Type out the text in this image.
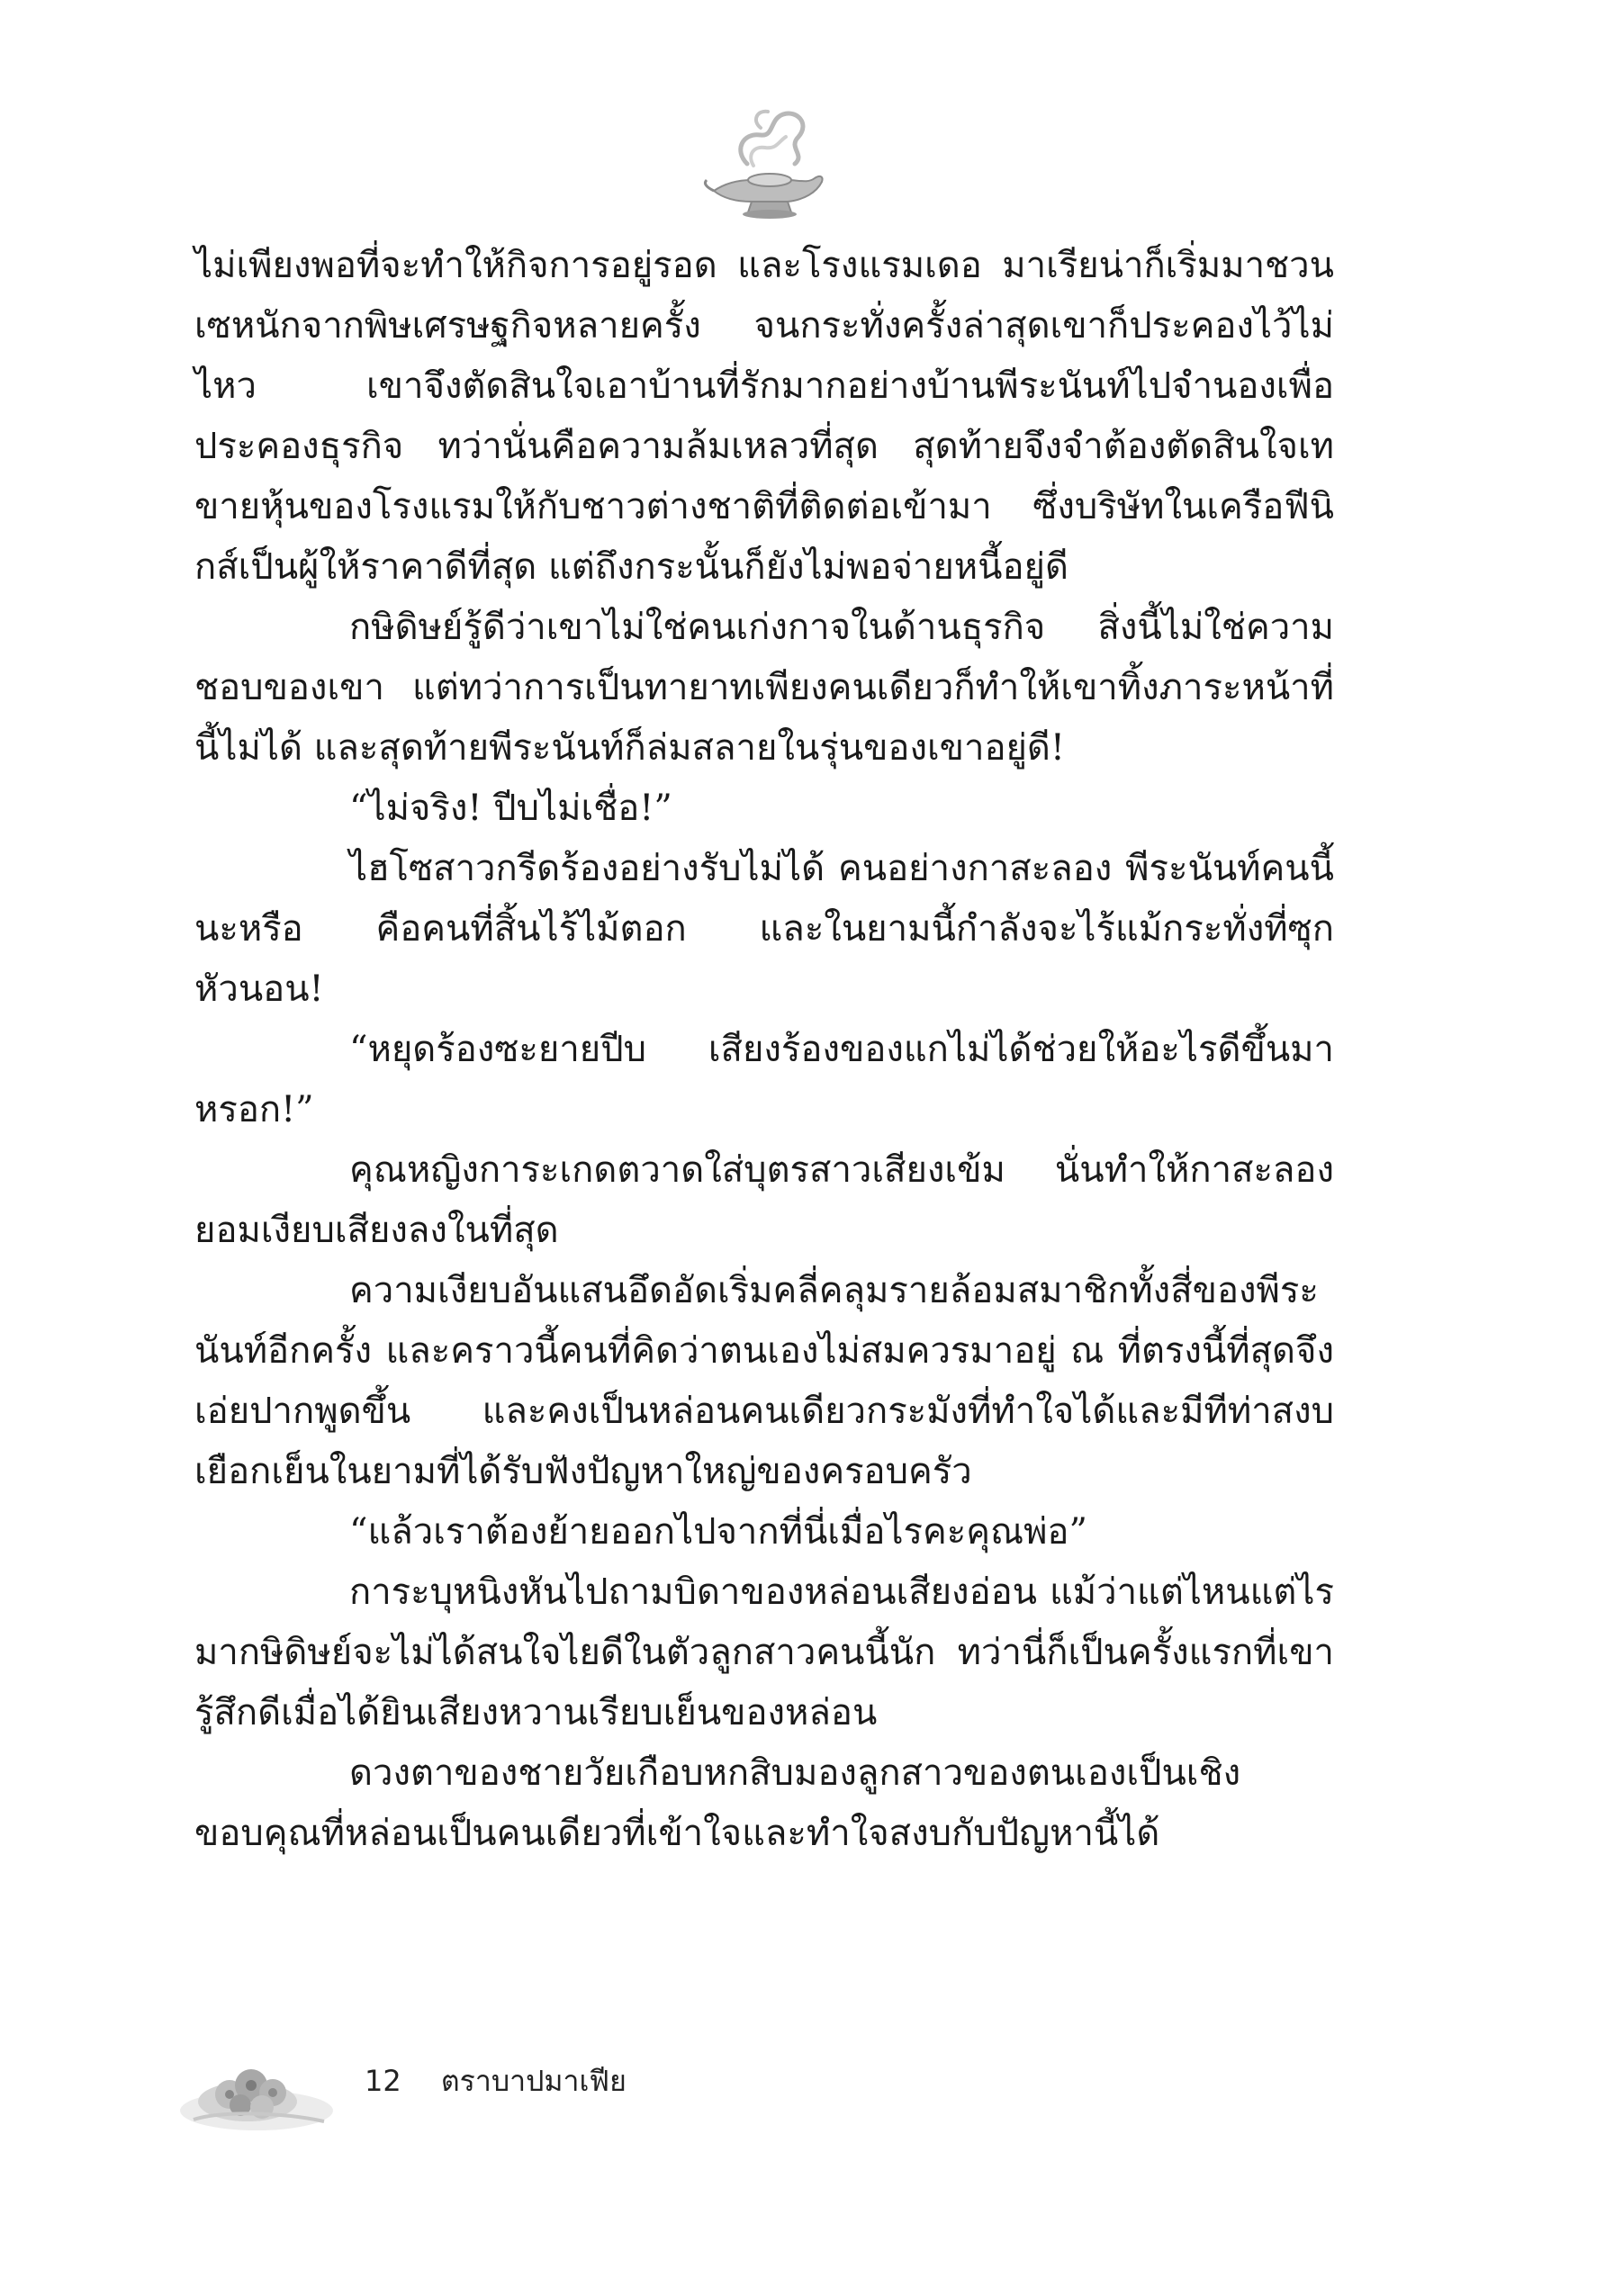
ไม่เพียงพอที่จะทำให้กิจการอยู่รอด และโรงแรมเดอ มาเรียน่าก็เริ่มมาชวนเซหนักจากพิษเศรษฐกิจหลายครั้ง จนกระทั่งครั้งล่าสุดเขาก็ประคองไว้ไม่ไหว เขาจึงตัดสินใจเอาบ้านที่รักมากอย่างบ้านพีระนันท์ไปจำนองเพื่อประคองธุรกิจ ทว่านั่นคือความล้มเหลวที่สุด สุดท้ายจึงจำต้องตัดสินใจเทขายหุ้นของโรงแรมให้กับชาวต่างชาติที่ติดต่อเข้ามา ซึ่งบริษัทในเครือฟีนิกส์เป็นผู้ให้ราคาดีที่สุด แต่ถึงกระนั้นก็ยังไม่พอจ่ายหนี้อยู่ดี

กษิดิษย์รู้ดีว่าเขาไม่ใช่คนเก่งกาจในด้านธุรกิจ สิ่งนี้ไม่ใช่ความชอบของเขา แต่ทว่าการเป็นทายาทเพียงคนเดียวก็ทำให้เขาทิ้งภาระหน้าที่นี้ไม่ได้ และสุดท้ายพีระนันท์ก็ล่มสลายในรุ่นของเขาอยู่ดี!

“ไม่จริง! ปีบไม่เชื่อ!”

ไฮโซสาวกรีดร้องอย่างรับไม่ได้ คนอย่างกาสะลอง พีระนันท์คนนี้นะหรือ คือคนที่สิ้นไร้ไม้ตอก และในยามนี้กำลังจะไร้แม้กระทั่งที่ซุกหัวนอน!

“หยุดร้องซะยายปีบ เสียงร้องของแกไม่ได้ช่วยให้อะไรดีขึ้นมาหรอก!”

คุณหญิงการะเกดตวาดใส่บุตรสาวเสียงเข้ม นั่นทำให้กาสะลองยอมเงียบเสียงลงในที่สุด

ความเงียบอันแสนอึดอัดเริ่มคลี่คลุมรายล้อมสมาชิกทั้งสี่ของพีระนันท์อีกครั้ง และคราวนี้คนที่คิดว่าตนเองไม่สมควรมาอยู่ ณ ที่ตรงนี้ที่สุดจึงเอ่ยปากพูดขึ้น และคงเป็นหล่อนคนเดียวกระมังที่ทำใจได้และมีทีท่าสงบเยือกเย็นในยามที่ได้รับฟังปัญหาใหญ่ของครอบครัว

“แล้วเราต้องย้ายออกไปจากที่นี่เมื่อไรคะคุณพ่อ”

การะบุหนิงหันไปถามบิดาของหล่อนเสียงอ่อน แม้ว่าแต่ไหนแต่ไรมากษิดิษย์จะไม่ได้สนใจไยดีในตัวลูกสาวคนนี้นัก ทว่านี่ก็เป็นครั้งแรกที่เขารู้สึกดีเมื่อได้ยินเสียงหวานเรียบเย็นของหล่อน

ดวงตาของชายวัยเกือบหกสิบมองลูกสาวของตนเองเป็นเชิงขอบคุณที่หล่อนเป็นคนเดียวที่เข้าใจและทำใจสงบกับปัญหานี้ได้

12 ตราบาปมาเฟีย
